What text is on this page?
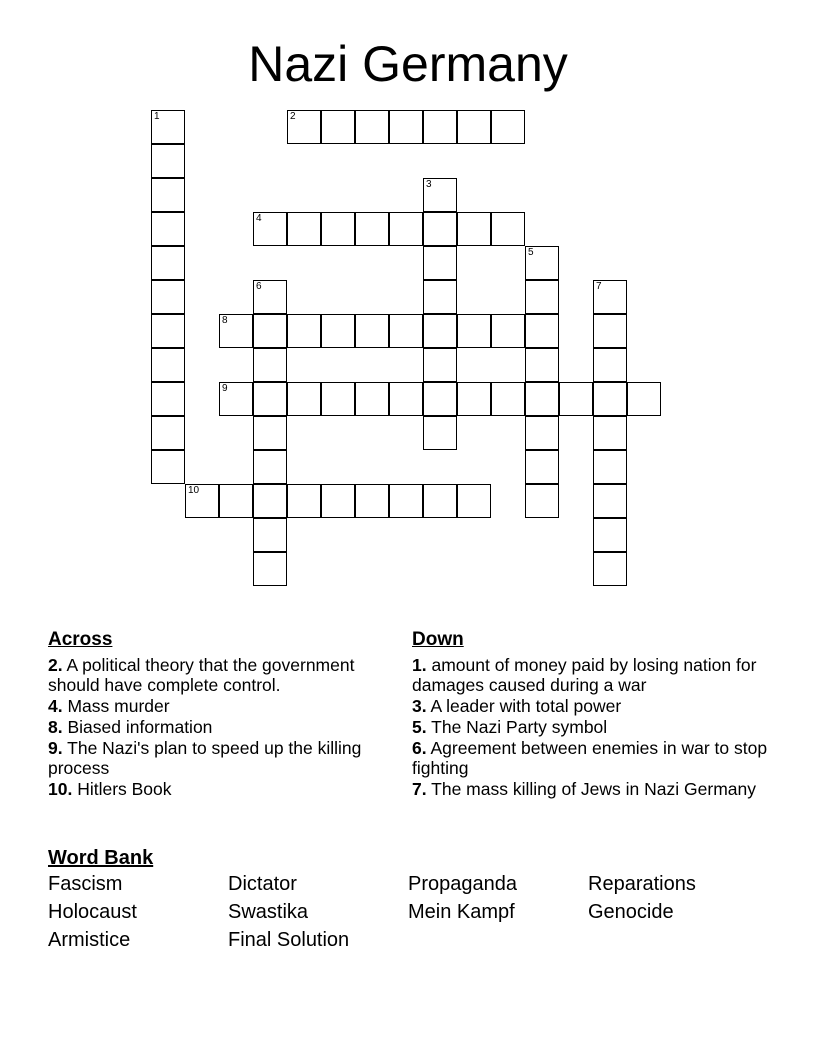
Nazi Germany
1	2
3
4
5
6	7
8
9
10
Across
2. A political theory that the government should have complete control.
4. Mass murder
8. Biased information
9. The Nazi's plan to speed up the killing process
10. Hitlers Book
Down
1. amount of money paid by losing nation for damages caused during a war
3. A leader with total power
5. The Nazi Party symbol
6. Agreement between enemies in war to stop fighting
7. The mass killing of Jews in Nazi Germany
Word Bank
Fascism	Dictator	Propaganda	Reparations
Holocaust	Swastika	Mein Kampf	Genocide
Armistice	Final Solution
